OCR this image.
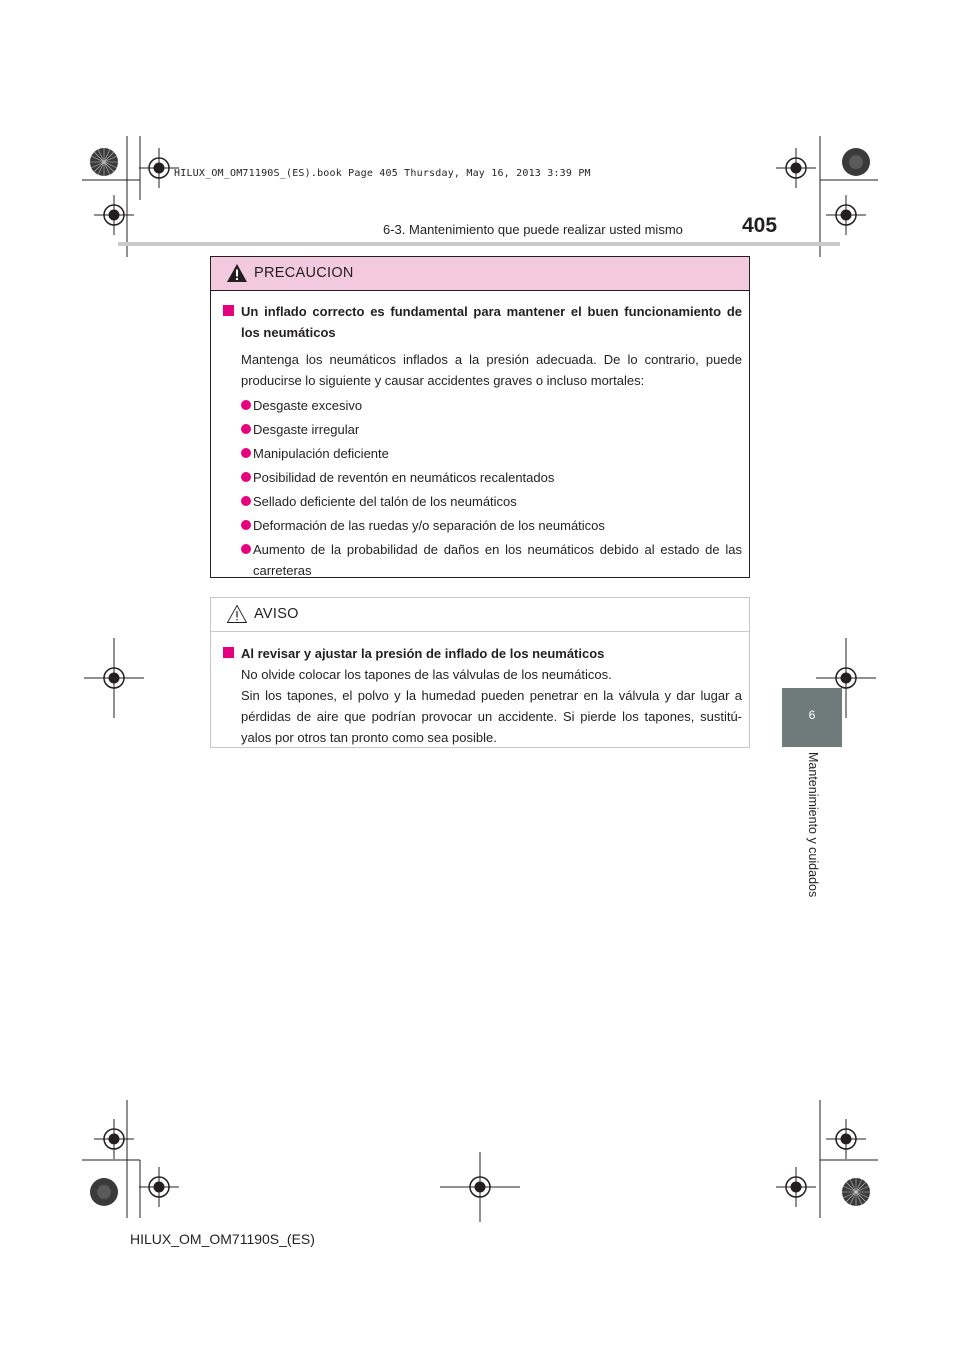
HILUX_OM_OM71190S_(ES).book Page 405 Thursday, May 16, 2013 3:39 PM
6-3. Mantenimiento que puede realizar usted mismo	405
6
Mantenimiento y cuidados
PRECAUCION
Un inflado correcto es fundamental para mantener el buen funcionamiento de los neumáticos
Mantenga los neumáticos inflados a la presión adecuada. De lo contrario, puede producirse lo siguiente y causar accidentes graves o incluso mortales:
Desgaste excesivo
Desgaste irregular
Manipulación deficiente
Posibilidad de reventón en neumáticos recalentados
Sellado deficiente del talón de los neumáticos
Deformación de las ruedas y/o separación de los neumáticos
Aumento de la probabilidad de daños en los neumáticos debido al estado de las carreteras
AVISO
Al revisar y ajustar la presión de inflado de los neumáticos
No olvide colocar los tapones de las válvulas de los neumáticos.
Sin los tapones, el polvo y la humedad pueden penetrar en la válvula y dar lugar a pérdidas de aire que podrían provocar un accidente. Si pierde los tapones, sustitú-yalos por otros tan pronto como sea posible.
HILUX_OM_OM71190S_(ES)
